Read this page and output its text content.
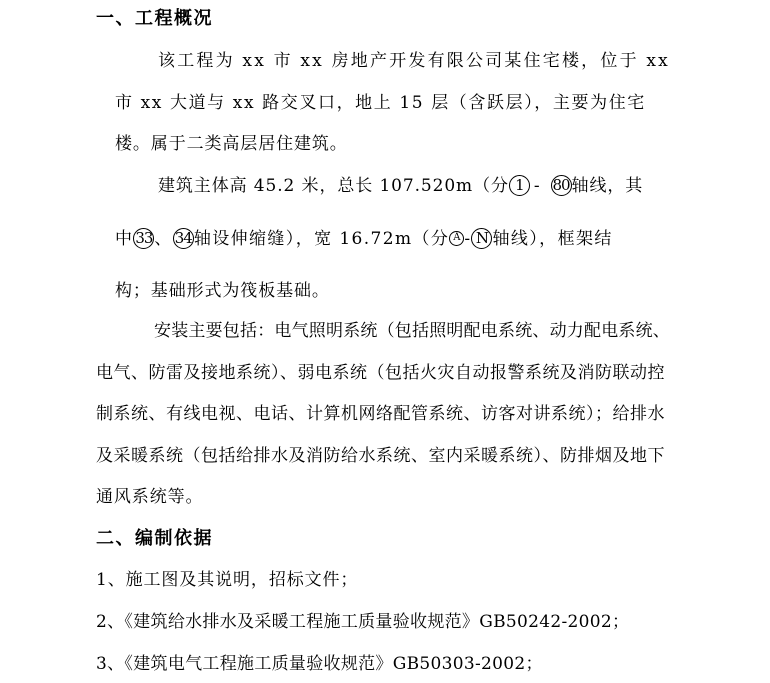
一、工程概况
该工程为 xx 市 xx 房地产开发有限公司某住宅楼，位于 xx
市 xx 大道与 xx 路交叉口，地上 15 层（含跃层），主要为住宅
楼。属于二类高层居住建筑。
建筑主体高 45.2 米，总长 107.520m（分 1 - 80 轴线，其
中 33 、 34 轴设伸缩缝），宽 16.72m（分 A - N 轴线），框架结
构；基础形式为筏板基础。
安装主要包括：电气照明系统（包括照明配电系统、动力配电系统、
电气、防雷及接地系统）、弱电系统（包括火灾自动报警系统及消防联动控
制系统、有线电视、电话、计算机网络配管系统、访客对讲系统）；给排水
及采暖系统（包括给排水及消防给水系统、室内采暖系统）、防排烟及地下
通风系统等。
二、编制依据
1、施工图及其说明，招标文件；
2、《建筑给水排水及采暖工程施工质量验收规范》GB50242-2002；
3、《建筑电气工程施工质量验收规范》GB50303-2002；
